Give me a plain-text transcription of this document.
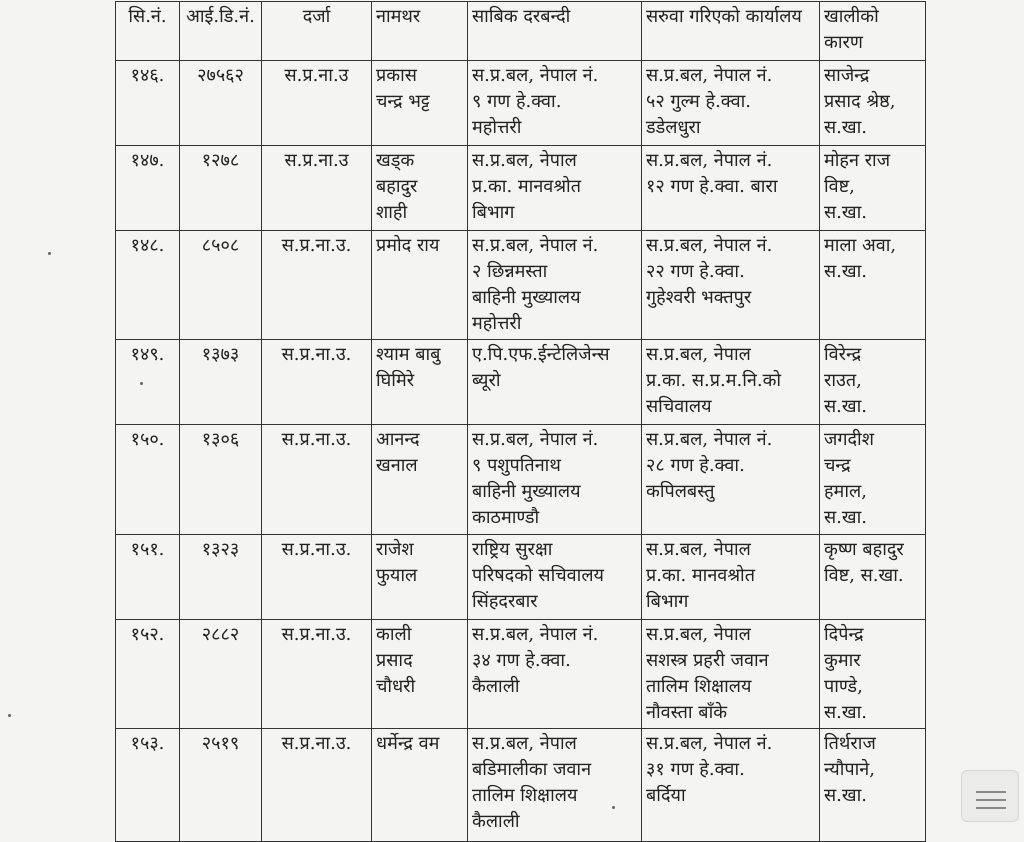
सि.नं.	आई.डि.नं.	दर्जा	नामथर	साबिक दरबन्दी	सरुवा गरिएको कार्यालय	खालीको कारण
१४६.	२७५६२	स.प्र.ना.उ	प्रकास
चन्द्र भट्ट	स.प्र.बल, नेपाल नं.
९ गण हे.क्वा.
महोत्तरी	स.प्र.बल, नेपाल नं.
५२ गुल्म हे.क्वा.
डडेलधुरा	साजेन्द्र
प्रसाद श्रेष्ठ,
स.खा.
१४७.	१२७८	स.प्र.ना.उ	खड्क
बहादुर
शाही	स.प्र.बल, नेपाल
प्र.का. मानवश्रोत
बिभाग	स.प्र.बल, नेपाल नं.
१२ गण हे.क्वा. बारा	मोहन राज
विष्ट,
स.खा.
१४८.	८५०८	स.प्र.ना.उ.	प्रमोद राय	स.प्र.बल, नेपाल नं.
२ छिन्नमस्ता
बाहिनी मुख्यालय
महोत्तरी	स.प्र.बल, नेपाल नं.
२२ गण हे.क्वा.
गुहेश्वरी भक्तपुर	माला अवा,
स.खा.
१४९.	१३७३	स.प्र.ना.उ.	श्याम बाबु
घिमिरे	ए.पि.एफ.ईन्टेलिजेन्स
ब्यूरो	स.प्र.बल, नेपाल
प्र.का. स.प्र.म.नि.को
सचिवालय	विरेन्द्र
राउत,
स.खा.
१५०.	१३०६	स.प्र.ना.उ.	आनन्द
खनाल	स.प्र.बल, नेपाल नं.
९ पशुपतिनाथ
बाहिनी मुख्यालय
काठमाण्डौ	स.प्र.बल, नेपाल नं.
२८ गण हे.क्वा.
कपिलबस्तु	जगदीश
चन्द्र
हमाल,
स.खा.
१५१.	१३२३	स.प्र.ना.उ.	राजेश
फुयाल	राष्ट्रिय सुरक्षा
परिषदको सचिवालय
सिंहदरबार	स.प्र.बल, नेपाल
प्र.का. मानवश्रोत
बिभाग	कृष्ण बहादुर
विष्ट, स.खा.
१५२.	२८८२	स.प्र.ना.उ.	काली
प्रसाद
चौधरी	स.प्र.बल, नेपाल नं.
३४ गण हे.क्वा.
कैलाली	स.प्र.बल, नेपाल
सशस्त्र प्रहरी जवान
तालिम शिक्षालय
नौवस्ता बाँके	दिपेन्द्र
कुमार
पाण्डे,
स.खा.
१५३.	२५१९	स.प्र.ना.उ.	धर्मेन्द्र वम	स.प्र.बल, नेपाल
बडिमालीका जवान
तालिम शिक्षालय
कैलाली	स.प्र.बल, नेपाल नं.
३१ गण हे.क्वा.
बर्दिया	तिर्थराज
न्यौपाने,
स.खा.
